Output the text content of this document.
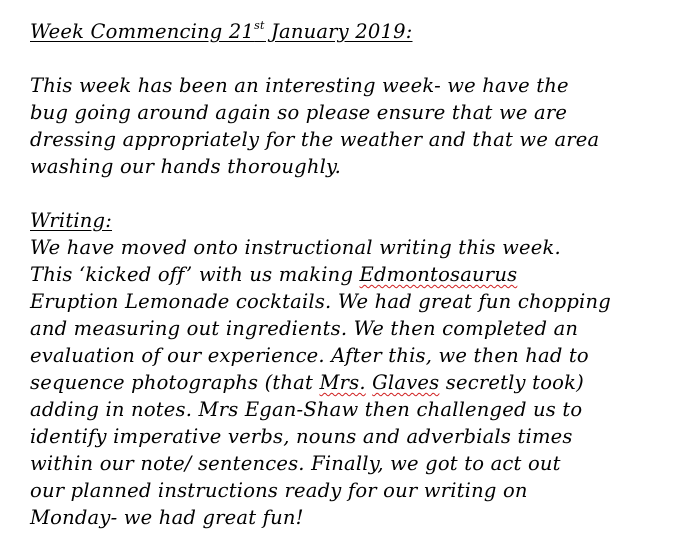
Week Commencing 21st January 2019:
This week has been an interesting week- we have the
bug going around again so please ensure that we are
dressing appropriately for the weather and that we area
washing our hands thoroughly.
Writing:
We have moved onto instructional writing this week.
This ‘kicked off’ with us making Edmontosaurus
Eruption Lemonade cocktails. We had great fun chopping
and measuring out ingredients. We then completed an
evaluation of our experience. After this, we then had to
sequence photographs (that Mrs. Glaves secretly took)
adding in notes. Mrs Egan-Shaw then challenged us to
identify imperative verbs, nouns and adverbials times
within our note/ sentences. Finally, we got to act out
our planned instructions ready for our writing on
Monday- we had great fun!
